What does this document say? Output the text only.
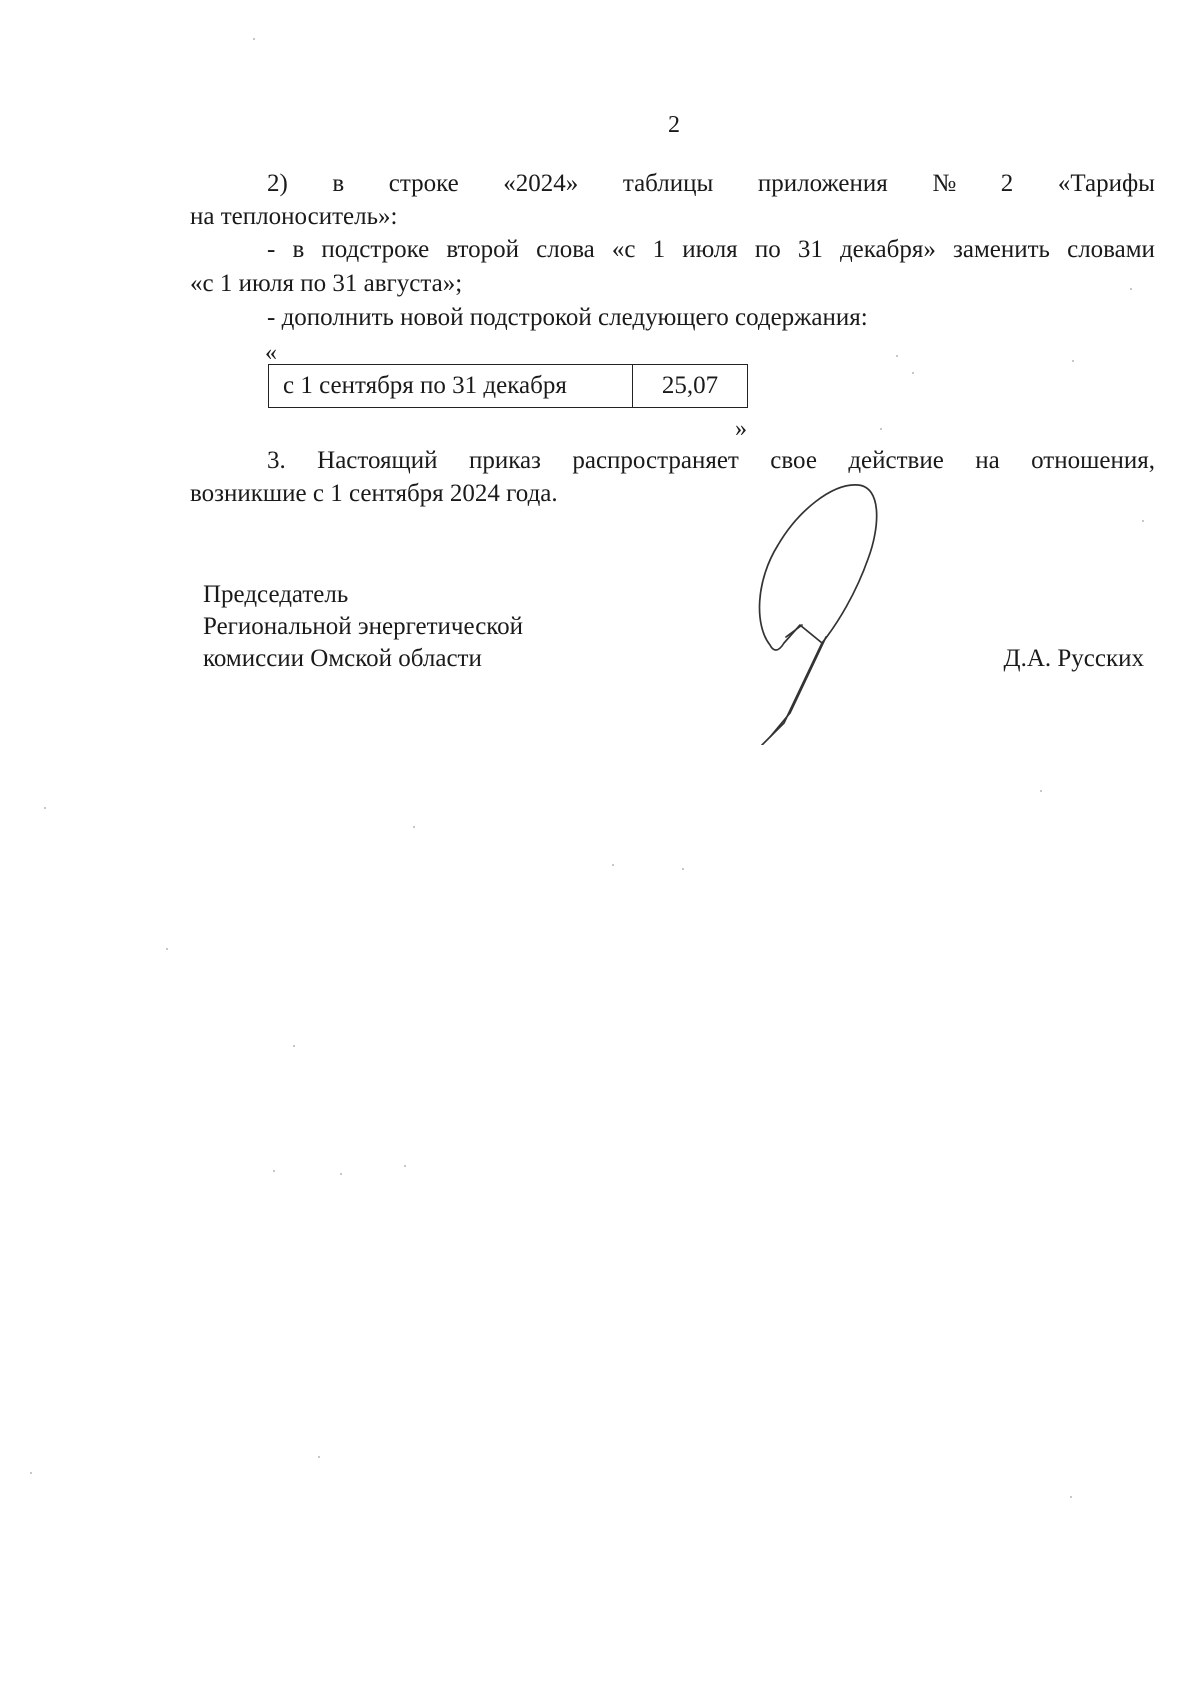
2
2) в строке «2024» таблицы приложения № 2 «Тарифы
на теплоноситель»:
- в подстроке второй слова «с 1 июля по 31 декабря» заменить словами
«с 1 июля по 31 августа»;
- дополнить новой подстрокой следующего содержания:
«
с 1 сентября по 31 декабря	25,07
»
3. Настоящий приказ распространяет свое действие на отношения,
возникшие с 1 сентября 2024 года.
Председатель
Региональной энергетической
комиссии Омской области	Д.А. Русских
